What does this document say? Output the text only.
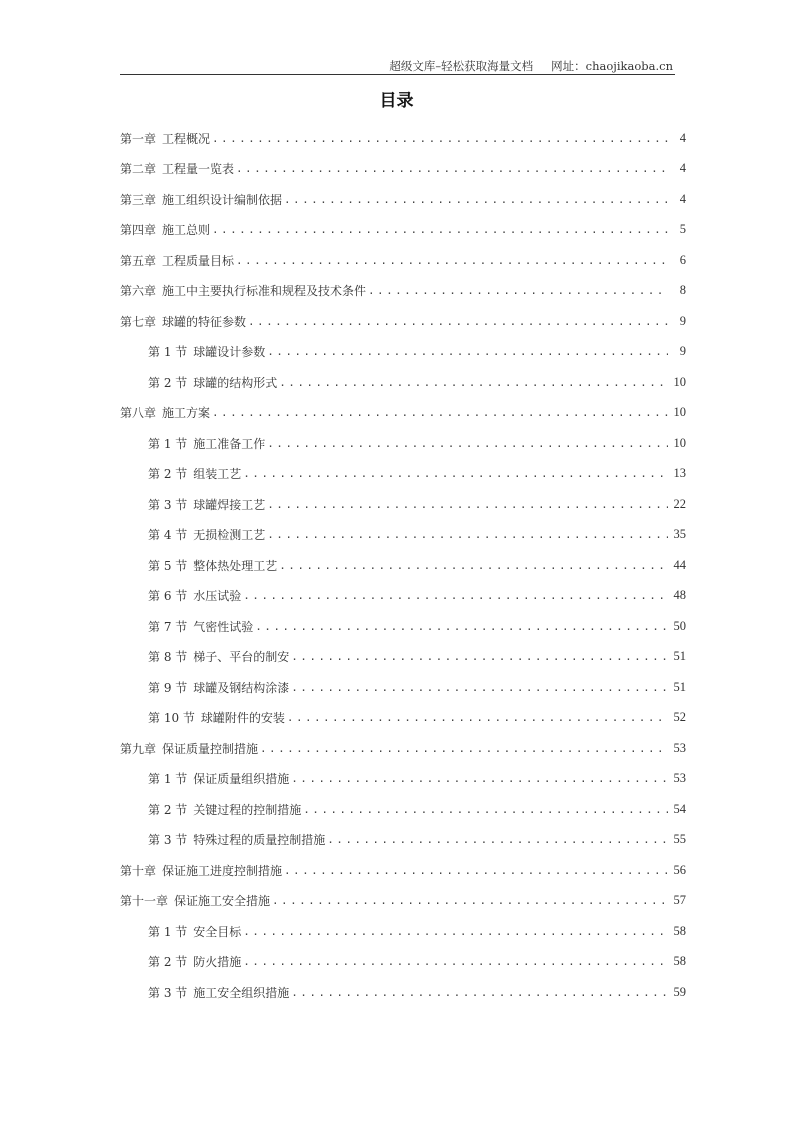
超级文库–轻松获取海量文档 网址：chaojikaoba.cn
目录
第一章 工程概况 .....	4
第二章 工程量一览表 .....	4
第三章 施工组织设计编制依据 .....	4
第四章 施工总则 .....	5
第五章 工程质量目标 .....	6
第六章 施工中主要执行标准和规程及技术条件 .....	8
第七章 球罐的特征参数 .....	9
第 1 节 球罐设计参数 .....	9
第 2 节 球罐的结构形式 .....	10
第八章 施工方案 .....	10
第 1 节 施工准备工作 .....	10
第 2 节 组装工艺 .....	13
第 3 节 球罐焊接工艺 .....	22
第 4 节 无损检测工艺 .....	35
第 5 节 整体热处理工艺 .....	44
第 6 节 水压试验 .....	48
第 7 节 气密性试验 .....	50
第 8 节 梯子、平台的制安 .....	51
第 9 节 球罐及钢结构涂漆 .....	51
第 10 节 球罐附件的安装 .....	52
第九章 保证质量控制措施 .....	53
第 1 节 保证质量组织措施 .....	53
第 2 节 关键过程的控制措施 .....	54
第 3 节 特殊过程的质量控制措施 .....	55
第十章 保证施工进度控制措施 .....	56
第十一章 保证施工安全措施 .....	57
第 1 节 安全目标 .....	58
第 2 节 防火措施 .....	58
第 3 节 施工安全组织措施 .....	59
